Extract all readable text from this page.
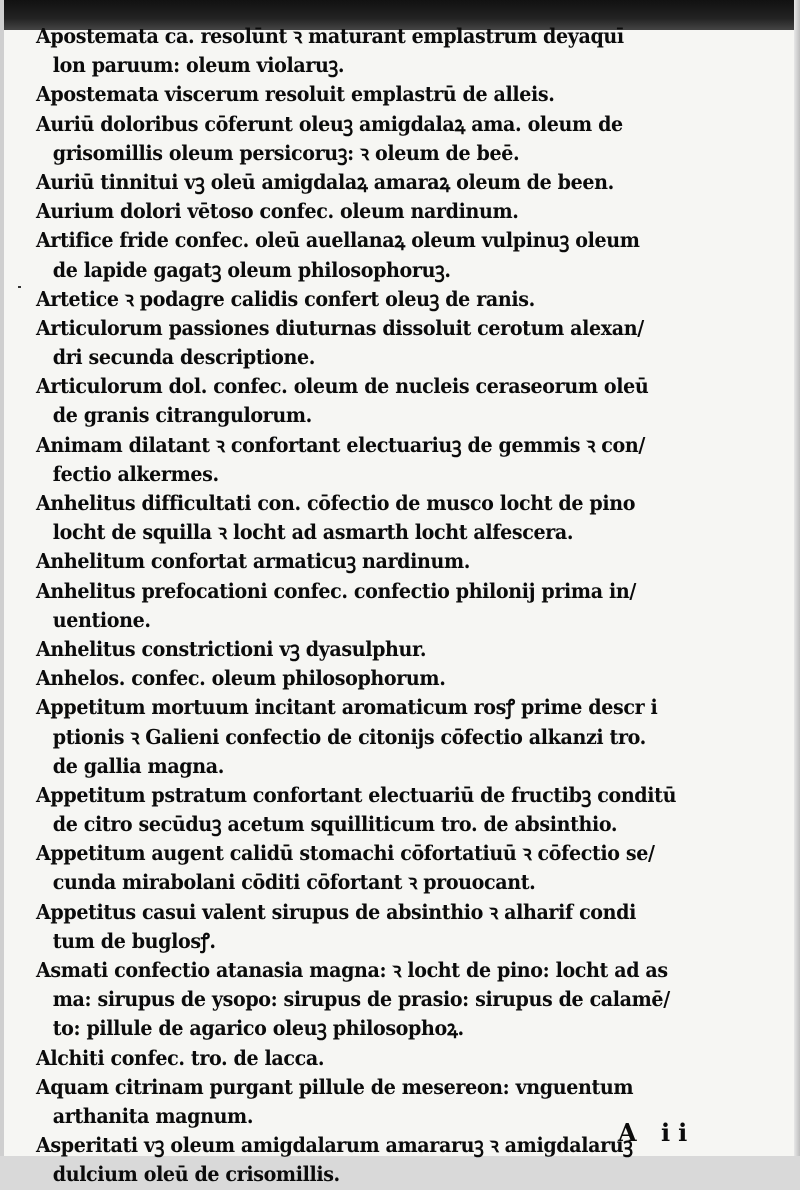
Apostemata ca. resolūnt ꝛ maturant emplastrum deyaquī
lon paruum: oleum violaruꝫ.
Apostemata viscerum resoluit emplastrū de alleis.
Auriū doloribus cōferunt oleuꝫ amigdalaꝝ ama. oleum de
grisomillis oleum persicoruꝫ: ꝛ oleum de beē.
Auriū tinnitui vꝫ oleū amigdalaꝝ amaraꝝ oleum de been.
Aurium dolori vētoso confec. oleum nardinum.
Artifice fride confec. oleū auellanaꝝ oleum vulpinuꝫ oleum
de lapide gagatꝫ oleum philosophoruꝫ.
Artetice ꝛ podagre calidis confert oleuꝫ de ranis.
Articulorum passiones diuturnas dissoluit cerotum alexan/
dri secunda descriptione.
Articulorum dol. confec. oleum de nucleis ceraseorum oleū
de granis citrangulorum.
Animam dilatant ꝛ confortant electuariuꝫ de gemmis ꝛ con/
fectio alkermes.
Anhelitus difficultati con. cōfectio de musco locht de pino
locht de squilla ꝛ locht ad asmarth locht alfescera.
Anhelitum confortat armaticuꝫ nardinum.
Anhelitus prefocationi confec. confectio philonij prima in/
uentione.
Anhelitus constrictioni vꝫ dyasulphur.
Anhelos. confec. oleum philosophorum.
Appetitum mortuum incitant aromaticum rosꝭ prime descr i
ptionis ꝛ Galieni confectio de citonijs cōfectio alkanzi tro.
de gallia magna.
Appetitum pstratum confortant electuariū de fructibꝫ conditū
de citro secūduꝫ acetum squilliticum tro. de absinthio.
Appetitum augent calidū stomachi cōfortatiuū ꝛ cōfectio se/
cunda mirabolani cōditi cōfortant ꝛ prouocant.
Appetitus casui valent sirupus de absinthio ꝛ alharif condi
tum de buglosꝭ.
Asmati confectio atanasia magna: ꝛ locht de pino: locht ad as
ma: sirupus de ysopo: sirupus de prasio: sirupus de calamē/
to: pillule de agarico oleuꝫ philosophoꝝ.
Alchiti confec. tro. de lacca.
Aquam citrinam purgant pillule de mesereon: vnguentum
arthanita magnum.
Asperitati vꝫ oleum amigdalarum amararuꝫ ꝛ amigdalaruꝫ
dulcium oleū de crisomillis.
A ii
